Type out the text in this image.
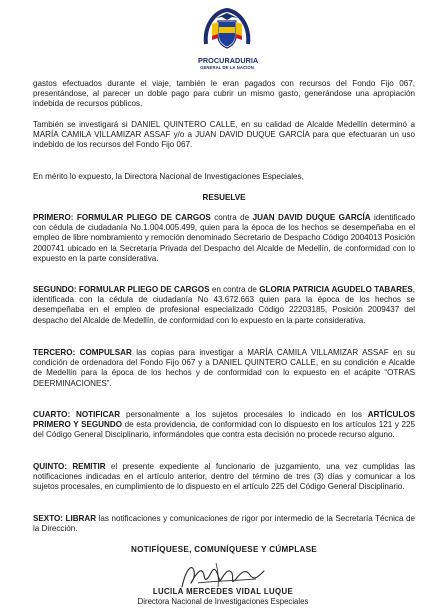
PROCURADURIA
GENERAL DE LA NACION

gastos efectuados durante el viaje, también le eran pagados con recursos del Fondo Fijo 067, presentándose, al parecer un doble pago para cubrir un mismo gasto, generándose una apropiación indebida de recursos públicos.

También se investigará si DANIEL QUINTERO CALLE, en su calidad de Alcalde Medellín determinó a MARÍA CAMILA VILLAMIZAR ASSAF y/o a JUAN DAVID DUQUE GARCÍA para que efectuaran un uso indebido de los recursos del Fondo Fijo 067.

En mérito lo expuesto, la Directora Nacional de Investigaciones Especiales,

RESUELVE

PRIMERO: FORMULAR PLIEGO DE CARGOS contra de JUAN DAVID DUQUE GARCÍA identificado con cédula de ciudadanía No.1.004.005.499, quien para la época de los hechos se desempeñaba en el empleo de libre nombramiento y remoción denominado Secretario de Despacho Código 2004013 Posición 2000741 ubicado en la Secretaría Privada del Despacho del Alcalde de Medellín, de conformidad con lo expuesto en la parte considerativa.

SEGUNDO: FORMULAR PLIEGO DE CARGOS en contra de GLORIA PATRICIA AGUDELO TABARES, identificada con la cédula de ciudadanía No 43.672.663 quien para la época de los hechos se desempeñaba en el empleo de profesional especializado Código 22203185, Posición 2009437 del despacho del Alcalde de Medellín, de conformidad con lo expuesto en la parte considerativa.

TERCERO: COMPULSAR las copias para investigar a MARÍA CAMILA VILLAMIZAR ASSAF en su condición de ordenadora del Fondo Fijo 067 y a DANIEL QUINTERO CALLE, en su condición e Alcalde de Medellín para la época de los hechos y de conformidad con lo expuesto en el acápite “OTRAS DEERMINACIONES”.

CUARTO: NOTIFICAR personalmente a los sujetos procesales lo indicado en los ARTÍCULOS PRIMERO Y SEGUNDO de esta providencia, de conformidad con lo dispuesto en los artículos 121 y 225 del Código General Disciplinario, informándoles que contra esta decisión no procede recurso alguno.

QUINTO: REMITIR el presente expediente al funcionario de juzgamiento, una vez cumplidas las notificaciones indicadas en el artículo anterior, dentro del término de tres (3) días y comunicar a los sujetos procesales, en cumplimiento de lo dispuesto en el artículo 225 del Código General Disciplinario.

SEXTO: LIBRAR las notificaciones y comunicaciones de rigor por intermedio de la Secretaría Técnica de la Dirección.

NOTIFÍQUESE, COMUNÍQUESE Y CÚMPLASE
LUCILA MERCEDES VIDAL LUQUE
Directora Nacional de Investigaciones Especiales
